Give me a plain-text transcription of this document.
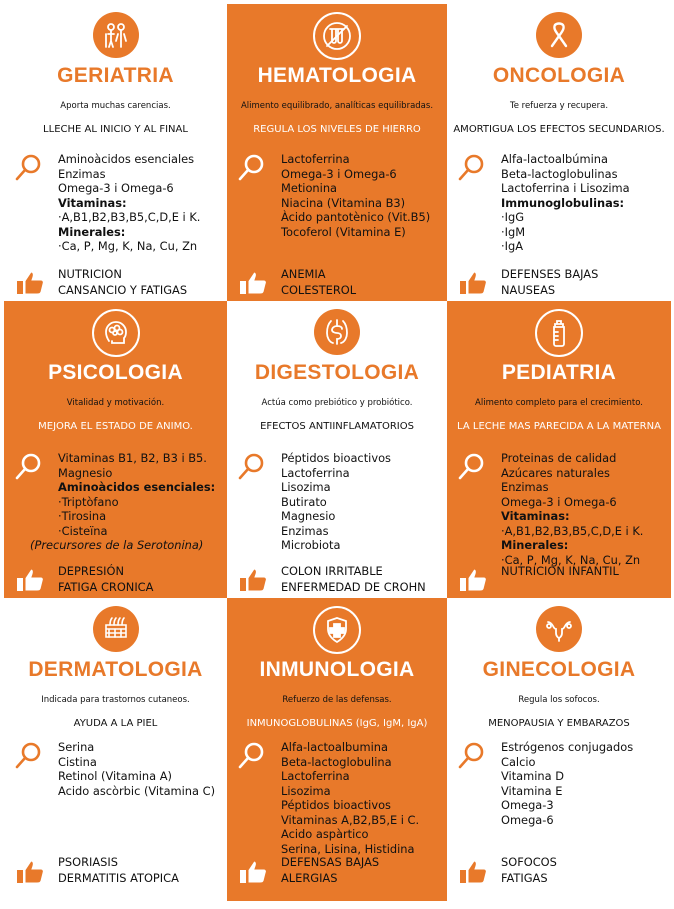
GERIATRIA
Aporta muchas carencias.
LLECHE AL INICIO Y AL FINAL
Aminoàcidos esenciales
Enzimas
Omega-3 i Omega-6
Vitaminas:
·A,B1,B2,B3,B5,C,D,E i K.
Minerales:
·Ca, P, Mg, K, Na, Cu, Zn
NUTRICION
CANSANCIO Y FATIGAS
HEMATOLOGIA
Alimento equilibrado, analíticas equilibradas.
REGULA LOS NIVELES DE HIERRO
Lactoferrina
Omega-3 i Omega-6
Metionina
Niacina (Vitamina B3)
Àcido pantotènico (Vit.B5)
Tocoferol (Vitamina E)
ANEMIA
COLESTEROL
ONCOLOGIA
Te refuerza y recupera.
AMORTIGUA LOS EFECTOS SECUNDARIOS.
Alfa-lactoalbúmina
Beta-lactoglobulinas
Lactoferrina i Lisozima
Immunoglobulinas:
·IgG
·IgM
·IgA
DEFENSES BAJAS
NAUSEAS
PSICOLOGIA
Vitalidad y motivación.
MEJORA EL ESTADO DE ANIMO.
Vitaminas B1, B2, B3 i B5.
Magnesio
Aminoàcidos esenciales:
·Triptòfano
·Tirosina
·Cisteïna
(Precursores de la Serotonina)
DEPRESIÓN
FATIGA CRONICA
DIGESTOLOGIA
Actúa como prebiótico y probiótico.
EFECTOS ANTIINFLAMATORIOS
Péptidos bioactivos
Lactoferrina
Lisozima
Butirato
Magnesio
Enzimas
Microbiota
COLON IRRITABLE
ENFERMEDAD DE CROHN
PEDIATRIA
Alimento completo para el crecimiento.
LA LECHE MAS PARECIDA A LA MATERNA
Proteinas de calidad
Azúcares naturales
Enzimas
Omega-3 i Omega-6
Vitaminas:
·A,B1,B2,B3,B5,C,D,E i K.
Minerales:
·Ca, P, Mg, K, Na, Cu, Zn
NUTRICIÓN INFANTIL
DERMATOLOGIA
Indicada para trastornos cutaneos.
AYUDA A LA PIEL
Serina
Cistina
Retinol (Vitamina A)
Acido ascòrbic (Vitamina C)
PSORIASIS
DERMATITIS ATOPICA
INMUNOLOGIA
Refuerzo de las defensas.
INMUNOGLOBULINAS (IgG, IgM, IgA)
Alfa-lactoalbumina
Beta-lactoglobulina
Lactoferrina
Lisozima
Péptidos bioactivos
Vitaminas A,B2,B5,E i C.
Acido aspàrtico
Serina, Lisina, Histidina
DEFENSAS BAJAS
ALERGIAS
GINECOLOGIA
Regula los sofocos.
MENOPAUSIA Y EMBARAZOS
Estrógenos conjugados
Calcio
Vitamina D
Vitamina E
Omega-3
Omega-6
SOFOCOS
FATIGAS
